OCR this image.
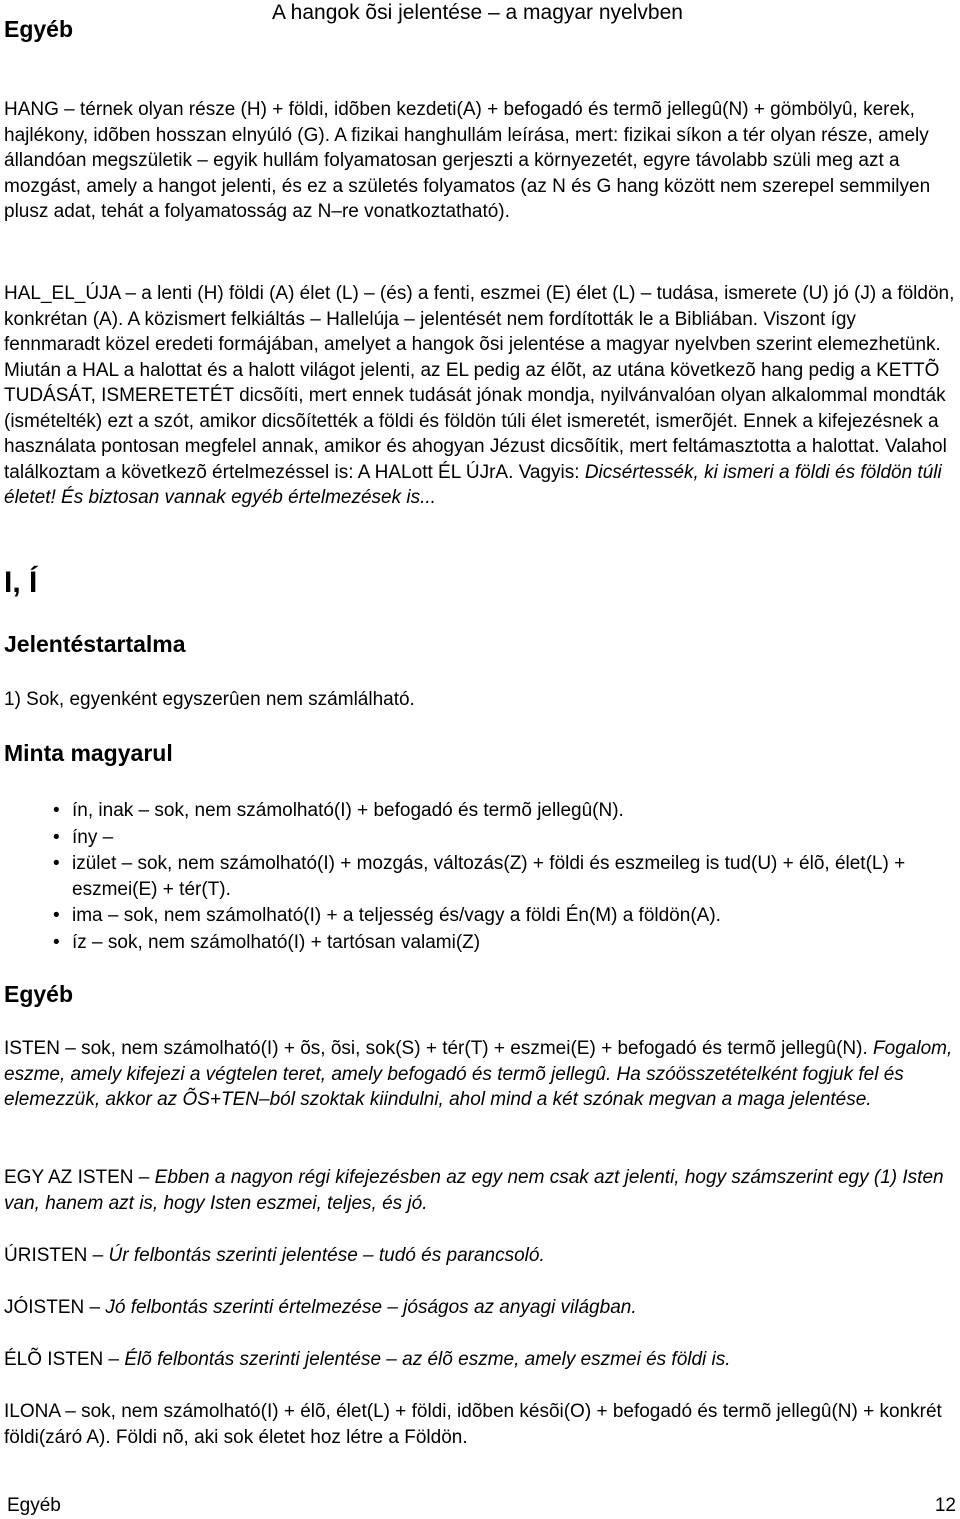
A hangok õsi jelentése – a magyar nyelvben
Egyéb

HANG – térnek olyan része (H) + földi, idõben kezdeti(A) + befogadó és termõ jellegû(N) + gömbölyû, kerek, hajlékony, idõben hosszan elnyúló (G). A fizikai hanghullám leírása, mert: fizikai síkon a tér olyan része, amely állandóan megszületik – egyik hullám folyamatosan gerjeszti a környezetét, egyre távolabb szüli meg azt a mozgást, amely a hangot jelenti, és ez a születés folyamatos (az N és G hang között nem szerepel semmilyen plusz adat, tehát a folyamatosság az N–re vonatkoztatható).

HAL_EL_ÚJA – a lenti (H) földi (A) élet (L) – (és) a fenti, eszmei (E) élet (L) – tudása, ismerete (U) jó (J) a földön, konkrétan (A). A közismert felkiáltás – Hallelúja – jelentését nem fordították le a Bibliában. Viszont így fennmaradt közel eredeti formájában, amelyet a hangok õsi jelentése a magyar nyelvben szerint elemezhetünk. Miután a HAL a halottat és a halott világot jelenti, az EL pedig az élõt, az utána következõ hang pedig a KETTÕ TUDÁSÁT, ISMERETETÉT dicsõíti, mert ennek tudását jónak mondja, nyilvánvalóan olyan alkalommal mondták (ismételték) ezt a szót, amikor dicsõítették a földi és földön túli élet ismeretét, ismerõjét. Ennek a kifejezésnek a használata pontosan megfelel annak, amikor és ahogyan Jézust dicsõítik, mert feltámasztotta a halottat. Valahol találkoztam a következõ értelmezéssel is: A HALott ÉL ÚJrA. Vagyis: Dicsértessék, ki ismeri a földi és földön túli életet! És biztosan vannak egyéb értelmezések is...

I, Í
Jelentéstartalma

1) Sok, egyenként egyszerûen nem számlálható.

Minta magyarul
• ín, inak – sok, nem számolható(I) + befogadó és termõ jellegû(N).
• íny –
• izület – sok, nem számolható(I) + mozgás, változás(Z) + földi és eszmeileg is tud(U) + élõ, élet(L) + eszmei(E) + tér(T).
• ima – sok, nem számolható(I) + a teljesség és/vagy a földi Én(M) a földön(A).
• íz – sok, nem számolható(I) + tartósan valami(Z)
Egyéb

ISTEN – sok, nem számolható(I) + õs, õsi, sok(S) + tér(T) + eszmei(E) + befogadó és termõ jellegû(N). Fogalom, eszme, amely kifejezi a végtelen teret, amely befogadó és termõ jellegû. Ha szóösszetételként fogjuk fel és elemezzük, akkor az ÕS+TEN–ból szoktak kiindulni, ahol mind a két szónak megvan a maga jelentése.

EGY AZ ISTEN – Ebben a nagyon régi kifejezésben az egy nem csak azt jelenti, hogy számszerint egy (1) Isten van, hanem azt is, hogy Isten eszmei, teljes, és jó.

ÚRISTEN – Úr felbontás szerinti jelentése – tudó és parancsoló.

JÓISTEN – Jó felbontás szerinti értelmezése – jóságos az anyagi világban.

ÉLÕ ISTEN – Élõ felbontás szerinti jelentése – az élõ eszme, amely eszmei és földi is.

ILONA – sok, nem számolható(I) + élõ, élet(L) + földi, idõben késõi(O) + befogadó és termõ jellegû(N) + konkrét földi(záró A). Földi nõ, aki sok életet hoz létre a Földön.

Egyéb	12
